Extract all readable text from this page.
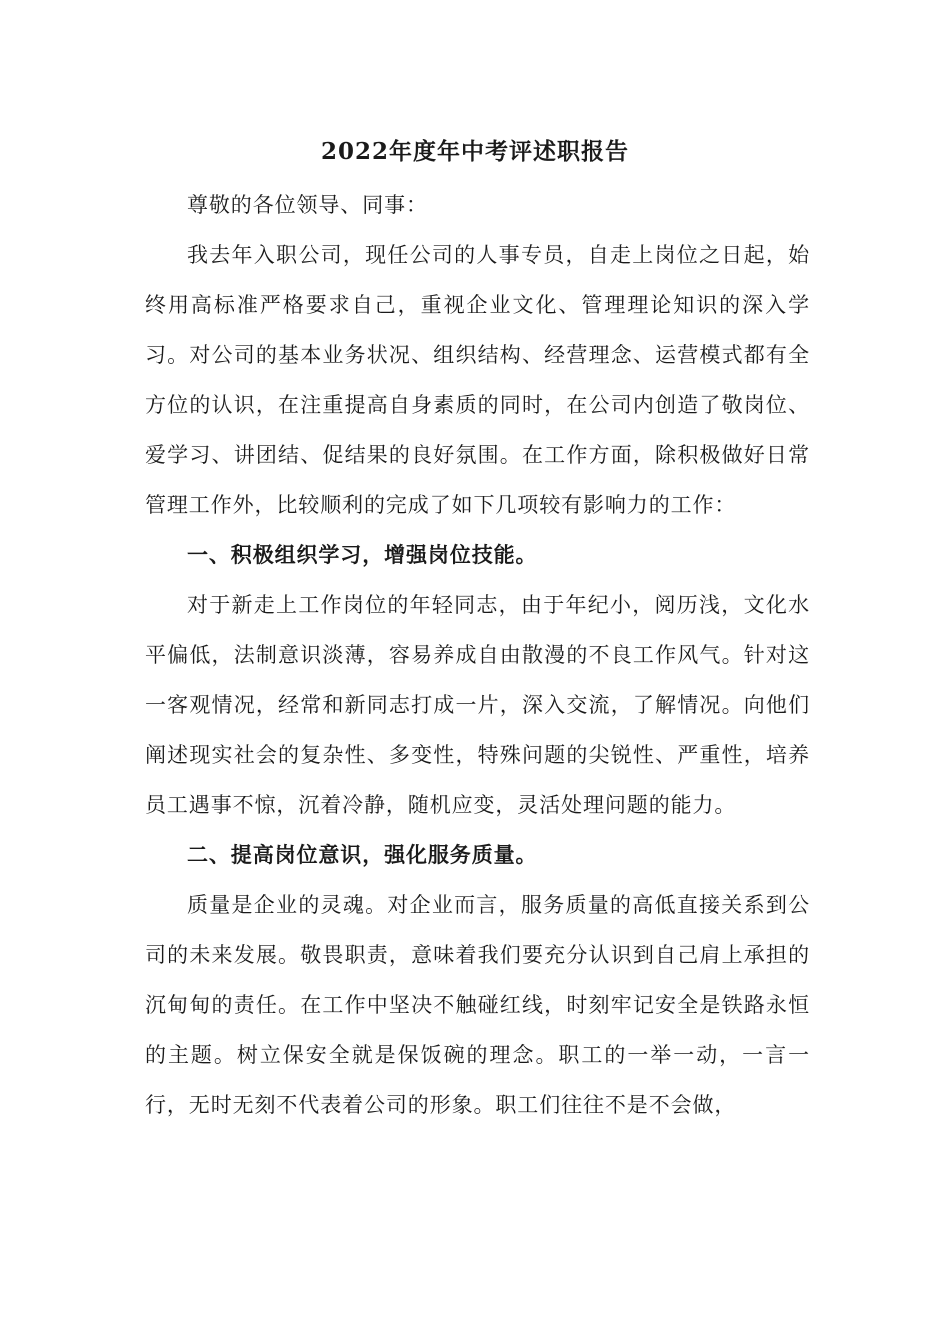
2022年度年中考评述职报告

尊敬的各位领导、同事：

我去年入职公司，现任公司的人事专员，自走上岗位之日起，始终用高标准严格要求自己，重视企业文化、管理理论知识的深入学习。对公司的基本业务状况、组织结构、经营理念、运营模式都有全方位的认识，在注重提高自身素质的同时，在公司内创造了敬岗位、爱学习、讲团结、促结果的良好氛围。在工作方面，除积极做好日常管理工作外，比较顺利的完成了如下几项较有影响力的工作：

一、积极组织学习，增强岗位技能。

对于新走上工作岗位的年轻同志，由于年纪小，阅历浅，文化水平偏低，法制意识淡薄，容易养成自由散漫的不良工作风气。针对这一客观情况，经常和新同志打成一片，深入交流，了解情况。向他们阐述现实社会的复杂性、多变性，特殊问题的尖锐性、严重性，培养员工遇事不惊，沉着冷静，随机应变，灵活处理问题的能力。

二、提高岗位意识，强化服务质量。

质量是企业的灵魂。对企业而言，服务质量的高低直接关系到公司的未来发展。敬畏职责，意味着我们要充分认识到自己肩上承担的沉甸甸的责任。在工作中坚决不触碰红线，时刻牢记安全是铁路永恒的主题。树立保安全就是保饭碗的理念。职工的一举一动，一言一行，无时无刻不代表着公司的形象。职工们往往不是不会做，
